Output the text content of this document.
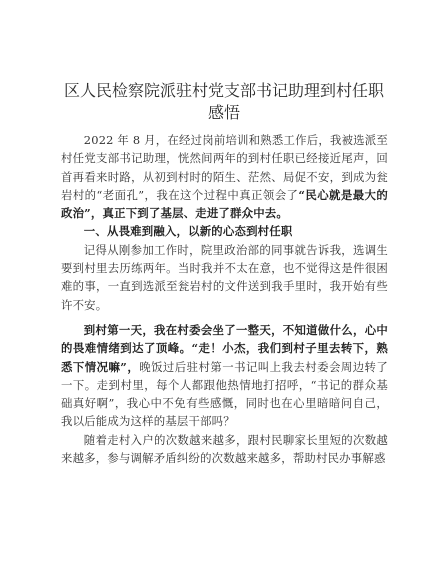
区人民检察院派驻村党支部书记助理到村任职
感悟

2022 年 8 月，在经过岗前培训和熟悉工作后，我被选派至村任党支部书记助理，恍然间两年的到村任职已经接近尾声，回首再看来时路，从初到村时的陌生、茫然、局促不安，到成为瓮岩村的“老面孔”，我在这个过程中真正领会了“民心就是最大的政治”，真正下到了基层、走进了群众中去。

一、从畏难到融入，以新的心态到村任职

记得从刚参加工作时，院里政治部的同事就告诉我，选调生要到村里去历练两年。当时我并不太在意，也不觉得这是件很困难的事，一直到选派至瓮岩村的文件送到我手里时，我开始有些许不安。

到村第一天，我在村委会坐了一整天，不知道做什么，心中的畏难情绪到达了顶峰。“走！小杰，我们到村子里去转下，熟悉下情况嘛”，晚饭过后驻村第一书记叫上我去村委会周边转了一下。走到村里，每个人都跟他热情地打招呼，“书记的群众基础真好啊”，我心中不免有些感慨，同时也在心里暗暗问自己，我以后能成为这样的基层干部吗？

随着走村入户的次数越来越多，跟村民聊家长里短的次数越来越多，参与调解矛盾纠纷的次数越来越多，帮助村民办事解惑
